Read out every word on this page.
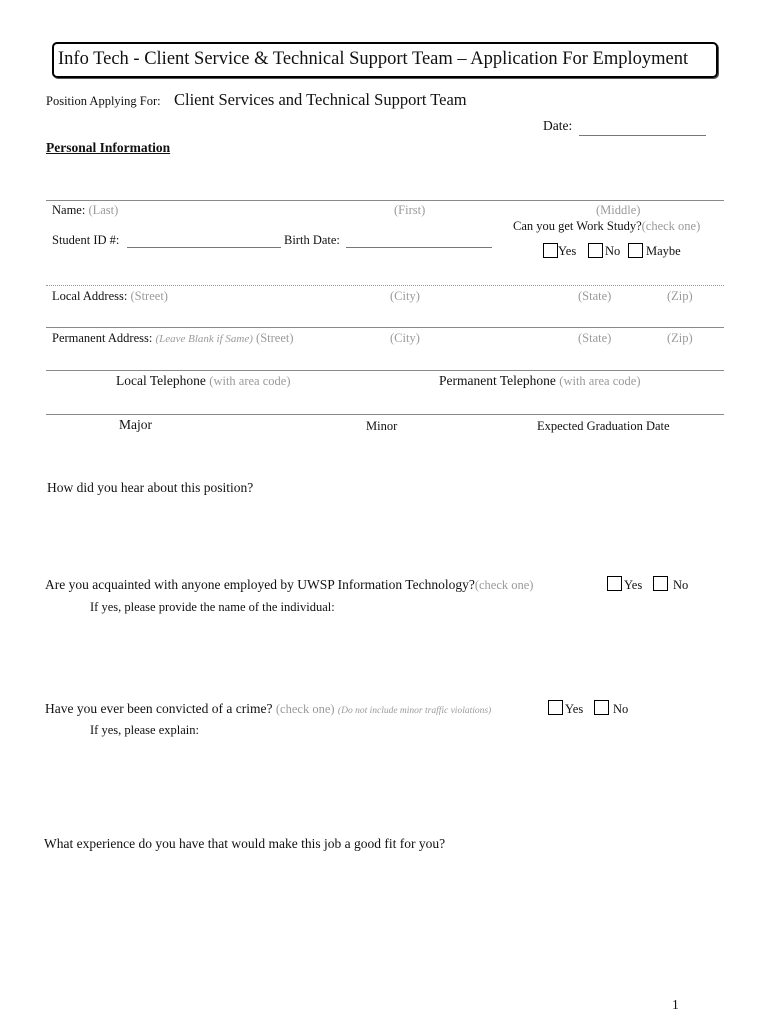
Info Tech - Client Service & Technical Support Team – Application For Employment
Position Applying For: Client Services and Technical Support Team
Date:
Personal Information
Name: (Last)	(First)	(Middle)
Can you get Work Study?(check one)
Yes No Maybe
Student ID #:	Birth Date:
Local Address: (Street)	(City)	(State)	(Zip)
Permanent Address: (Leave Blank if Same) (Street)	(City)	(State)	(Zip)
Local Telephone (with area code)	Permanent Telephone (with area code)
Major	Minor	Expected Graduation Date
How did you hear about this position?
Are you acquainted with anyone employed by UWSP Information Technology?(check one)	Yes No
If yes, please provide the name of the individual:
Have you ever been convicted of a crime? (check one) (Do not include minor traffic violations)	Yes No
If yes, please explain:
What experience do you have that would make this job a good fit for you?
1
